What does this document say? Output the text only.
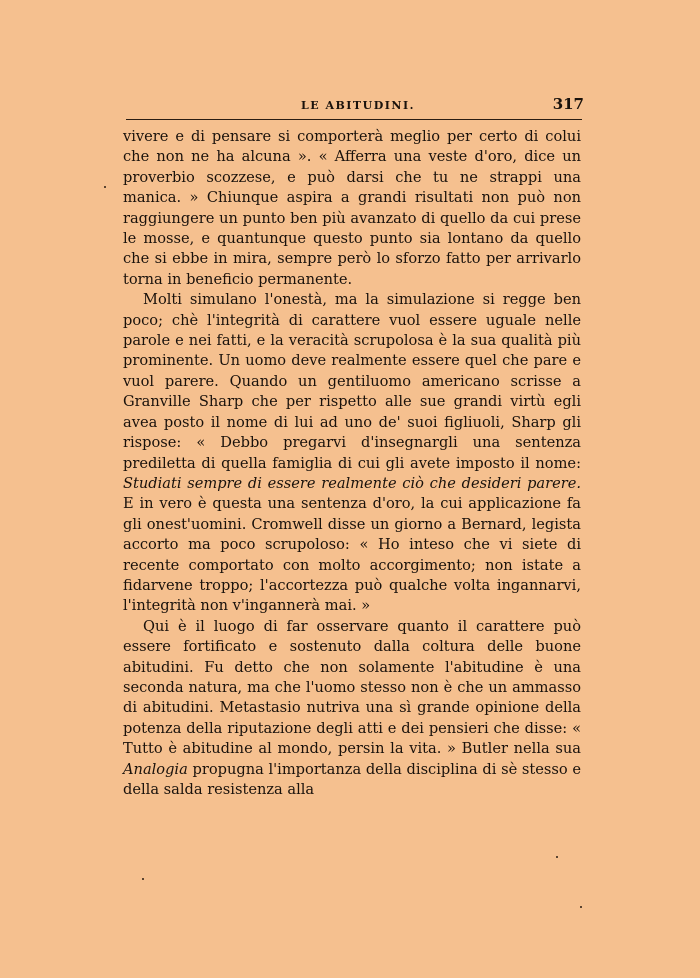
LE ABITUDINI.	317

vivere e di pensare si comporterà meglio per certo di colui che non ne ha alcuna ». « Afferra una veste d'oro, dice un proverbio scozzese, e può darsi che tu ne strappi una manica. » Chiunque aspira a grandi risultati non può non raggiungere un punto ben più avanzato di quello da cui prese le mosse, e quantunque questo punto sia lontano da quello che si ebbe in mira, sempre però lo sforzo fatto per arrivarlo torna in beneficio permanente.

Molti simulano l'onestà, ma la simulazione si regge ben poco; chè l'integrità di carattere vuol essere uguale nelle parole e nei fatti, e la veracità scrupolosa è la sua qualità più prominente. Un uomo deve realmente essere quel che pare e vuol parere. Quando un gentiluomo americano scrisse a Granville Sharp che per rispetto alle sue grandi virtù egli avea posto il nome di lui ad uno de' suoi figliuoli, Sharp gli rispose: « Debbo pregarvi d'insegnargli una sentenza prediletta di quella famiglia di cui gli avete imposto il nome: Studiati sempre di essere realmente ciò che desideri parere. E in vero è questa una sentenza d'oro, la cui applicazione fa gli onest'uomini. Cromwell disse un giorno a Bernard, legista accorto ma poco scrupoloso: « Ho inteso che vi siete di recente comportato con molto accorgimento; non istate a fidarvene troppo; l'accortezza può qualche volta ingannarvi, l'integrità non v'ingannerà mai. »

Qui è il luogo di far osservare quanto il carattere può essere fortificato e sostenuto dalla coltura delle buone abitudini. Fu detto che non solamente l'abitudine è una seconda natura, ma che l'uomo stesso non è che un ammasso di abitudini. Metastasio nutriva una sì grande opinione della potenza della riputazione degli atti e dei pensieri che disse: « Tutto è abitudine al mondo, persin la vita. » Butler nella sua Analogia propugna l'importanza della disciplina di sè stesso e della salda resistenza alla
